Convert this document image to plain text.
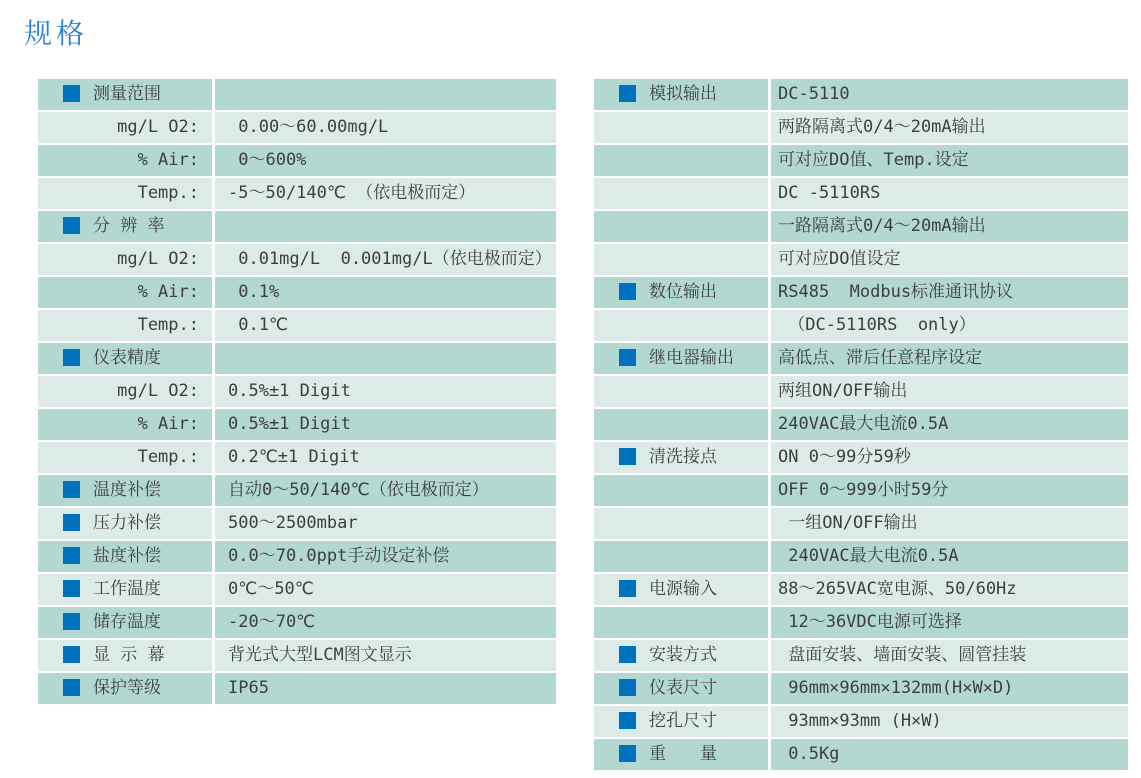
规格
测量范围
mg/L O2:	0.00～60.00mg/L
% Air:	0～600%
Temp.:	-5～50/140℃ （依电极而定）
分 辨 率
mg/L O2:	0.01mg/L  0.001mg/L（依电极而定）
% Air:	0.1%
Temp.:	0.1℃
仪表精度
mg/L O2:	0.5%±1 Digit
% Air:	0.5%±1 Digit
Temp.:	0.2℃±1 Digit
温度补偿	自动0～50/140℃（依电极而定）
压力补偿	500～2500mbar
盐度补偿	0.0～70.0ppt手动设定补偿
工作温度	0℃～50℃
储存温度	-20～70℃
显 示 幕	背光式大型LCM图文显示
保护等级	IP65
模拟输出	DC-5110
两路隔离式0/4～20mA输出
可对应DO值、Temp.设定
DC -5110RS
一路隔离式0/4～20mA输出
可对应DO值设定
数位输出	RS485  Modbus标准通讯协议
（DC-5110RS  only）
继电器输出	高低点、滞后任意程序设定
两组ON/OFF输出
240VAC最大电流0.5A
清洗接点	ON 0～99分59秒
OFF 0～999小时59分
一组ON/OFF输出
240VAC最大电流0.5A
电源输入	88～265VAC宽电源、50/60Hz
12～36VDC电源可选择
安装方式	盘面安装、墙面安装、圆管挂装
仪表尺寸	96mm×96mm×132mm(H×W×D)
挖孔尺寸	93mm×93mm (H×W)
重　　量	0.5Kg
